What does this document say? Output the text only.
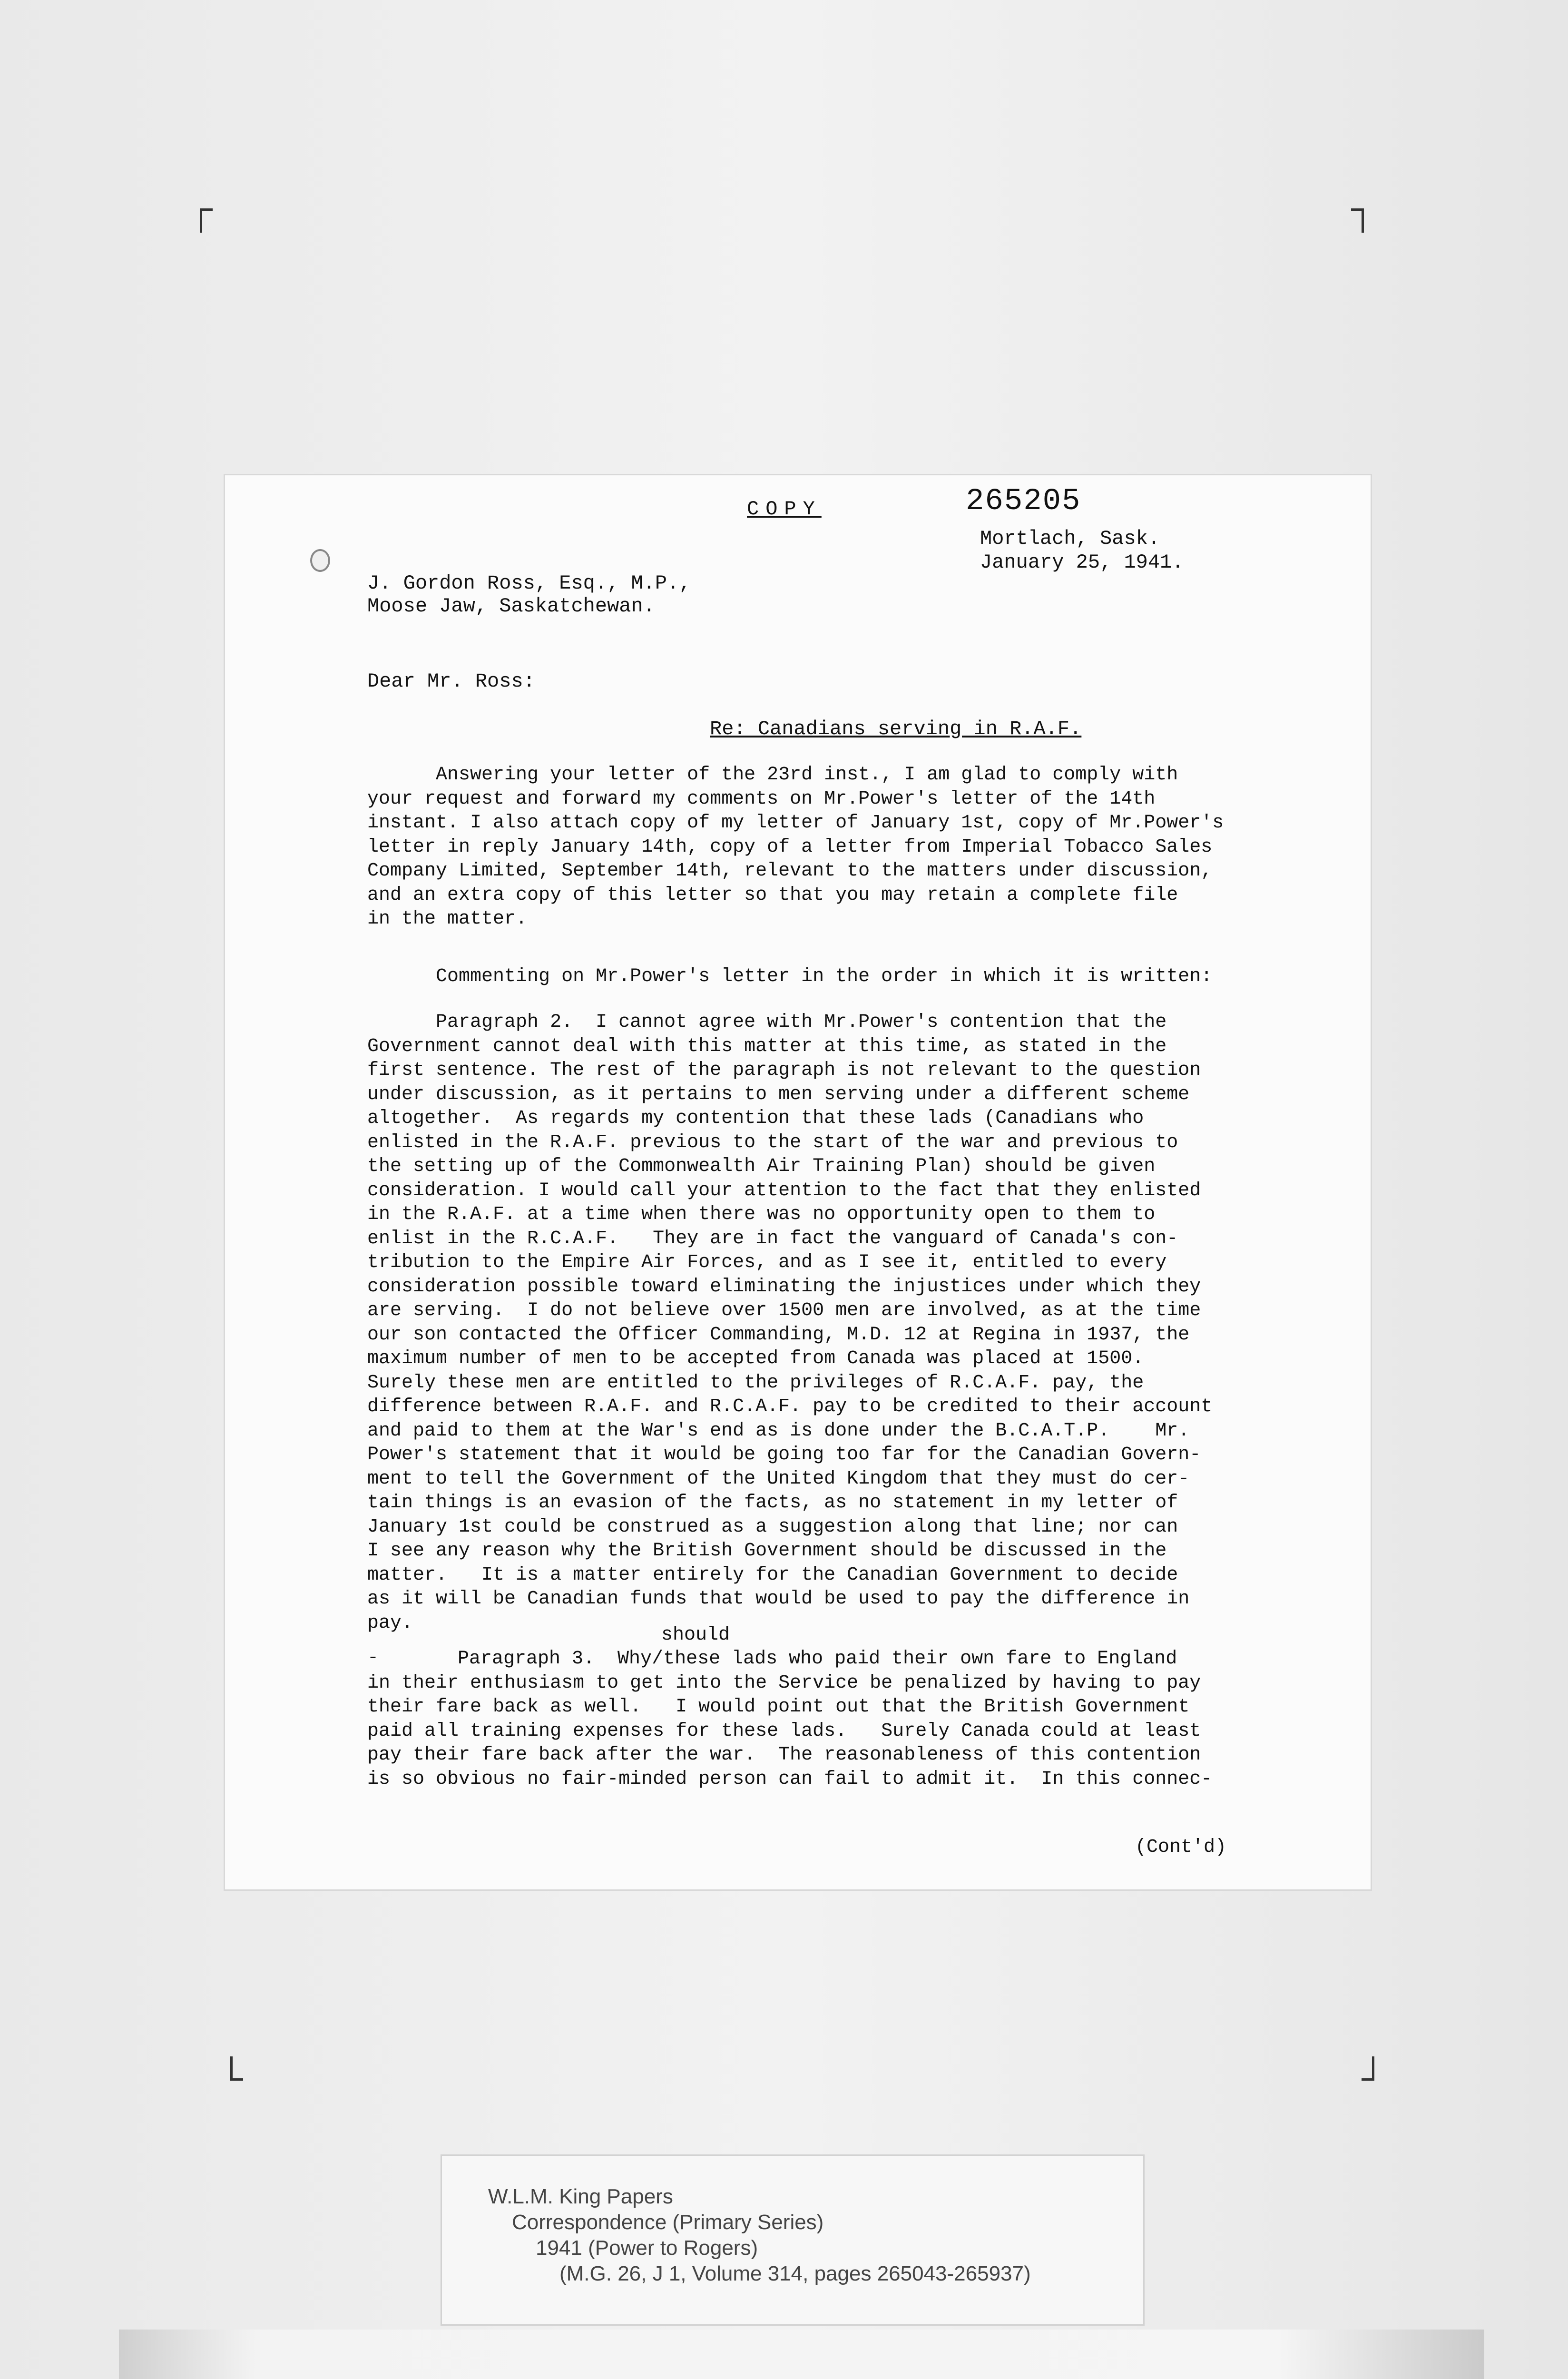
COPY	265205
Mortlach, Sask.
January 25, 1941.
J. Gordon Ross, Esq., M.P.,
Moose Jaw, Saskatchewan.
Dear Mr. Ross:
Re: Canadians serving in R.A.F.
Answering your letter of the 23rd inst., I am glad to comply with
your request and forward my comments on Mr.Power's letter of the 14th
instant. I also attach copy of my letter of January 1st, copy of Mr.Power's
letter in reply January 14th, copy of a letter from Imperial Tobacco Sales
Company Limited, September 14th, relevant to the matters under discussion,
and an extra copy of this letter so that you may retain a complete file
in the matter.
Commenting on Mr.Power's letter in the order in which it is written:
Paragraph 2.  I cannot agree with Mr.Power's contention that the
Government cannot deal with this matter at this time, as stated in the
first sentence. The rest of the paragraph is not relevant to the question
under discussion, as it pertains to men serving under a different scheme
altogether.  As regards my contention that these lads (Canadians who
enlisted in the R.A.F. previous to the start of the war and previous to
the setting up of the Commonwealth Air Training Plan) should be given
consideration. I would call your attention to the fact that they enlisted
in the R.A.F. at a time when there was no opportunity open to them to
enlist in the R.C.A.F.   They are in fact the vanguard of Canada's con-
tribution to the Empire Air Forces, and as I see it, entitled to every
consideration possible toward eliminating the injustices under which they
are serving.  I do not believe over 1500 men are involved, as at the time
our son contacted the Officer Commanding, M.D. 12 at Regina in 1937, the
maximum number of men to be accepted from Canada was placed at 1500.
Surely these men are entitled to the privileges of R.C.A.F. pay, the
difference between R.A.F. and R.C.A.F. pay to be credited to their account
and paid to them at the War's end as is done under the B.C.A.T.P.    Mr.
Power's statement that it would be going too far for the Canadian Govern-
ment to tell the Government of the United Kingdom that they must do cer-
tain things is an evasion of the facts, as no statement in my letter of
January 1st could be construed as a suggestion along that line; nor can
I see any reason why the British Government should be discussed in the
matter.   It is a matter entirely for the Canadian Government to decide
as it will be Canadian funds that would be used to pay the difference in
pay.
should
-	Paragraph 3.  Why/these lads who paid their own fare to England
in their enthusiasm to get into the Service be penalized by having to pay
their fare back as well.   I would point out that the British Government
paid all training expenses for these lads.   Surely Canada could at least
pay their fare back after the war.  The reasonableness of this contention
is so obvious no fair-minded person can fail to admit it.  In this connec-
(Cont'd)
W.L.M. King Papers
Correspondence (Primary Series)
1941 (Power to Rogers)
(M.G. 26, J 1, Volume 314, pages 265043-265937)
